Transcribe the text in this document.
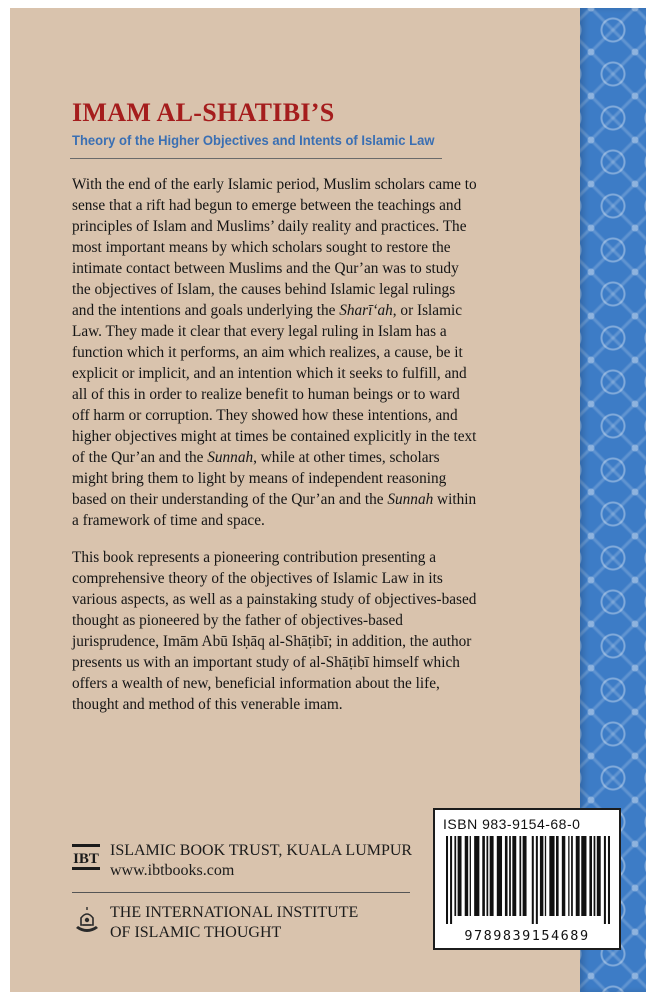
IMAM AL-SHATIBI’S
Theory of the Higher Objectives and Intents of Islamic Law

With the end of the early Islamic period, Muslim scholars came to sense that a rift had begun to emerge between the teachings and principles of Islam and Muslims’ daily reality and practices. The most important means by which scholars sought to restore the intimate contact between Muslims and the Qur’an was to study the objectives of Islam, the causes behind Islamic legal rulings and the intentions and goals underlying the Sharī‘ah, or Islamic Law. They made it clear that every legal ruling in Islam has a function which it performs, an aim which realizes, a cause, be it explicit or implicit, and an intention which it seeks to fulfill, and all of this in order to realize benefit to human beings or to ward off harm or corruption. They showed how these intentions, and higher objectives might at times be contained explicitly in the text of the Qur’an and the Sunnah, while at other times, scholars might bring them to light by means of independent reasoning based on their understanding of the Qur’an and the Sunnah within a framework of time and space.

This book represents a pioneering contribution presenting a comprehensive theory of the objectives of Islamic Law in its various aspects, as well as a painstaking study of objectives-based thought as pioneered by the father of objectives-based jurisprudence, Imām Abū Isḥāq al-Shāṭibī; in addition, the author presents us with an important study of al-Shāṭibī himself which offers a wealth of new, beneficial information about the life, thought and method of this venerable imam.

IBT ISLAMIC BOOK TRUST, KUALA LUMPUR
www.ibtbooks.com
THE INTERNATIONAL INSTITUTE
OF ISLAMIC THOUGHT
ISBN 983-9154-68-0
9789839154689
